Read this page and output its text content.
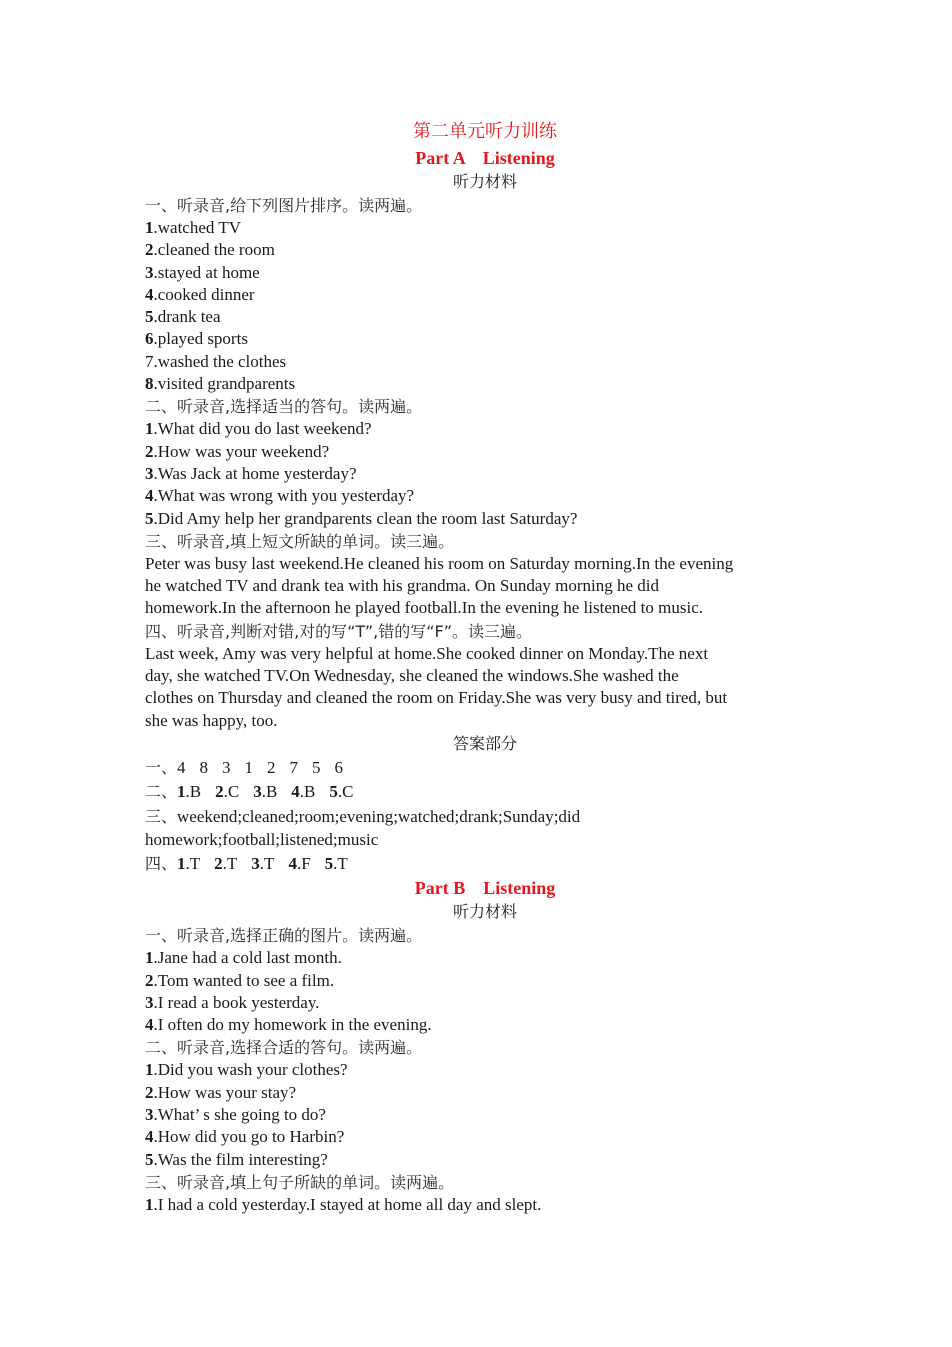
第二单元听力训练
Part A　Listening
听力材料
一、听录音,给下列图片排序。读两遍。
1.watched TV
2.cleaned the room
3.stayed at home
4.cooked dinner
5.drank tea
6.played sports
7.washed the clothes
8.visited grandparents
二、听录音,选择适当的答句。读两遍。
1.What did you do last weekend?
2.How was your weekend?
3.Was Jack at home yesterday?
4.What was wrong with you yesterday?
5.Did Amy help her grandparents clean the room last Saturday?
三、听录音,填上短文所缺的单词。读三遍。
Peter was busy last weekend.He cleaned his room on Saturday morning.In the evening
he watched TV and drank tea with his grandma. On Sunday morning he did
homework.In the afternoon he played football.In the evening he listened to music.
四、听录音,判断对错,对的写“T”,错的写“F”。读三遍。
Last week, Amy was very helpful at home.She cooked dinner on Monday.The next
day, she watched TV.On Wednesday, she cleaned the windows.She washed the
clothes on Thursday and cleaned the room on Friday.She was very busy and tired, but
she was happy, too.
答案部分
一、4 8 3 1 2 7 5 6
二、1.B 2.C 3.B 4.B 5.C
三、weekend;cleaned;room;evening;watched;drank;Sunday;did
homework;football;listened;music
四、1.T 2.T 3.T 4.F 5.T
Part B　Listening
听力材料
一、听录音,选择正确的图片。读两遍。
1.Jane had a cold last month.
2.Tom wanted to see a film.
3.I read a book yesterday.
4.I often do my homework in the evening.
二、听录音,选择合适的答句。读两遍。
1.Did you wash your clothes?
2.How was your stay?
3.What’ s she going to do?
4.How did you go to Harbin?
5.Was the film interesting?
三、听录音,填上句子所缺的单词。读两遍。
1.I had a cold yesterday.I stayed at home all day and slept.
